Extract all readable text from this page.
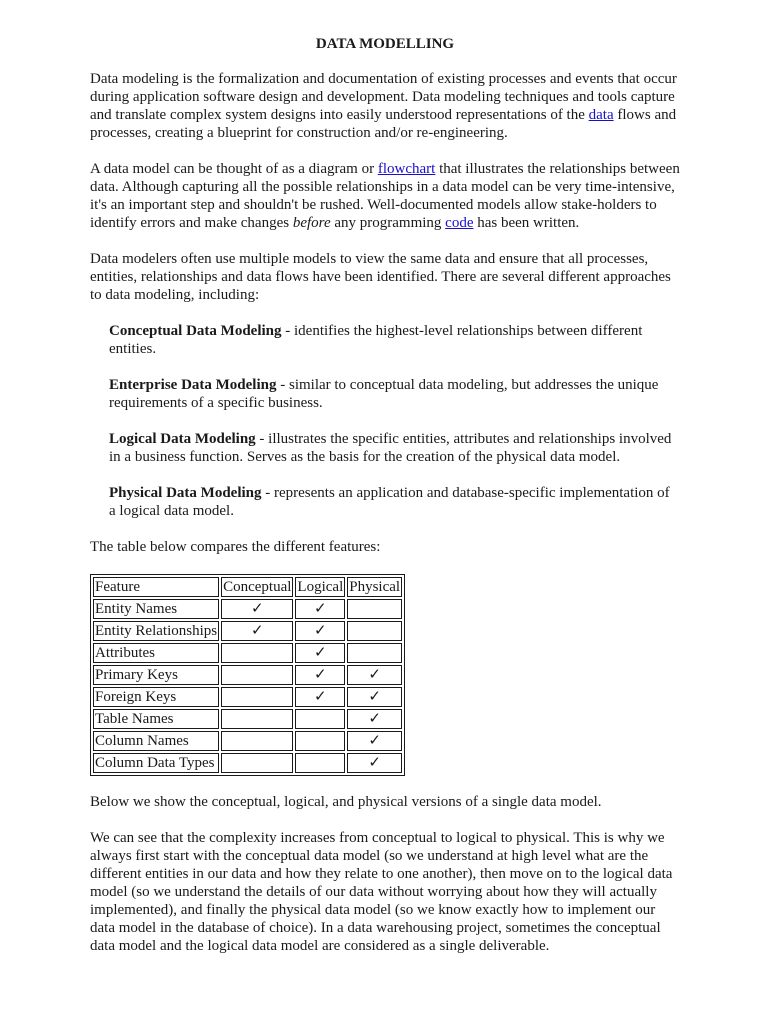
DATA MODELLING

Data modeling is the formalization and documentation of existing processes and events that occur during application software design and development. Data modeling techniques and tools capture and translate complex system designs into easily understood representations of the data flows and processes, creating a blueprint for construction and/or re-engineering.

A data model can be thought of as a diagram or flowchart that illustrates the relationships between data. Although capturing all the possible relationships in a data model can be very time-intensive, it's an important step and shouldn't be rushed. Well-documented models allow stake-holders to identify errors and make changes before any programming code has been written.

Data modelers often use multiple models to view the same data and ensure that all processes, entities, relationships and data flows have been identified. There are several different approaches to data modeling, including:

Conceptual Data Modeling - identifies the highest-level relationships between different entities.
Enterprise Data Modeling - similar to conceptual data modeling, but addresses the unique requirements of a specific business.
Logical Data Modeling - illustrates the specific entities, attributes and relationships involved in a business function. Serves as the basis for the creation of the physical data model.
Physical Data Modeling - represents an application and database-specific implementation of a logical data model.

The table below compares the different features:

Feature	Conceptual	Logical	Physical
Entity Names	✓	✓	
Entity Relationships	✓	✓	
Attributes		✓	
Primary Keys		✓	✓
Foreign Keys		✓	✓
Table Names			✓
Column Names			✓
Column Data Types			✓

Below we show the conceptual, logical, and physical versions of a single data model.

We can see that the complexity increases from conceptual to logical to physical. This is why we always first start with the conceptual data model (so we understand at high level what are the different entities in our data and how they relate to one another), then move on to the logical data model (so we understand the details of our data without worrying about how they will actually implemented), and finally the physical data model (so we know exactly how to implement our data model in the database of choice). In a data warehousing project, sometimes the conceptual data model and the logical data model are considered as a single deliverable.
